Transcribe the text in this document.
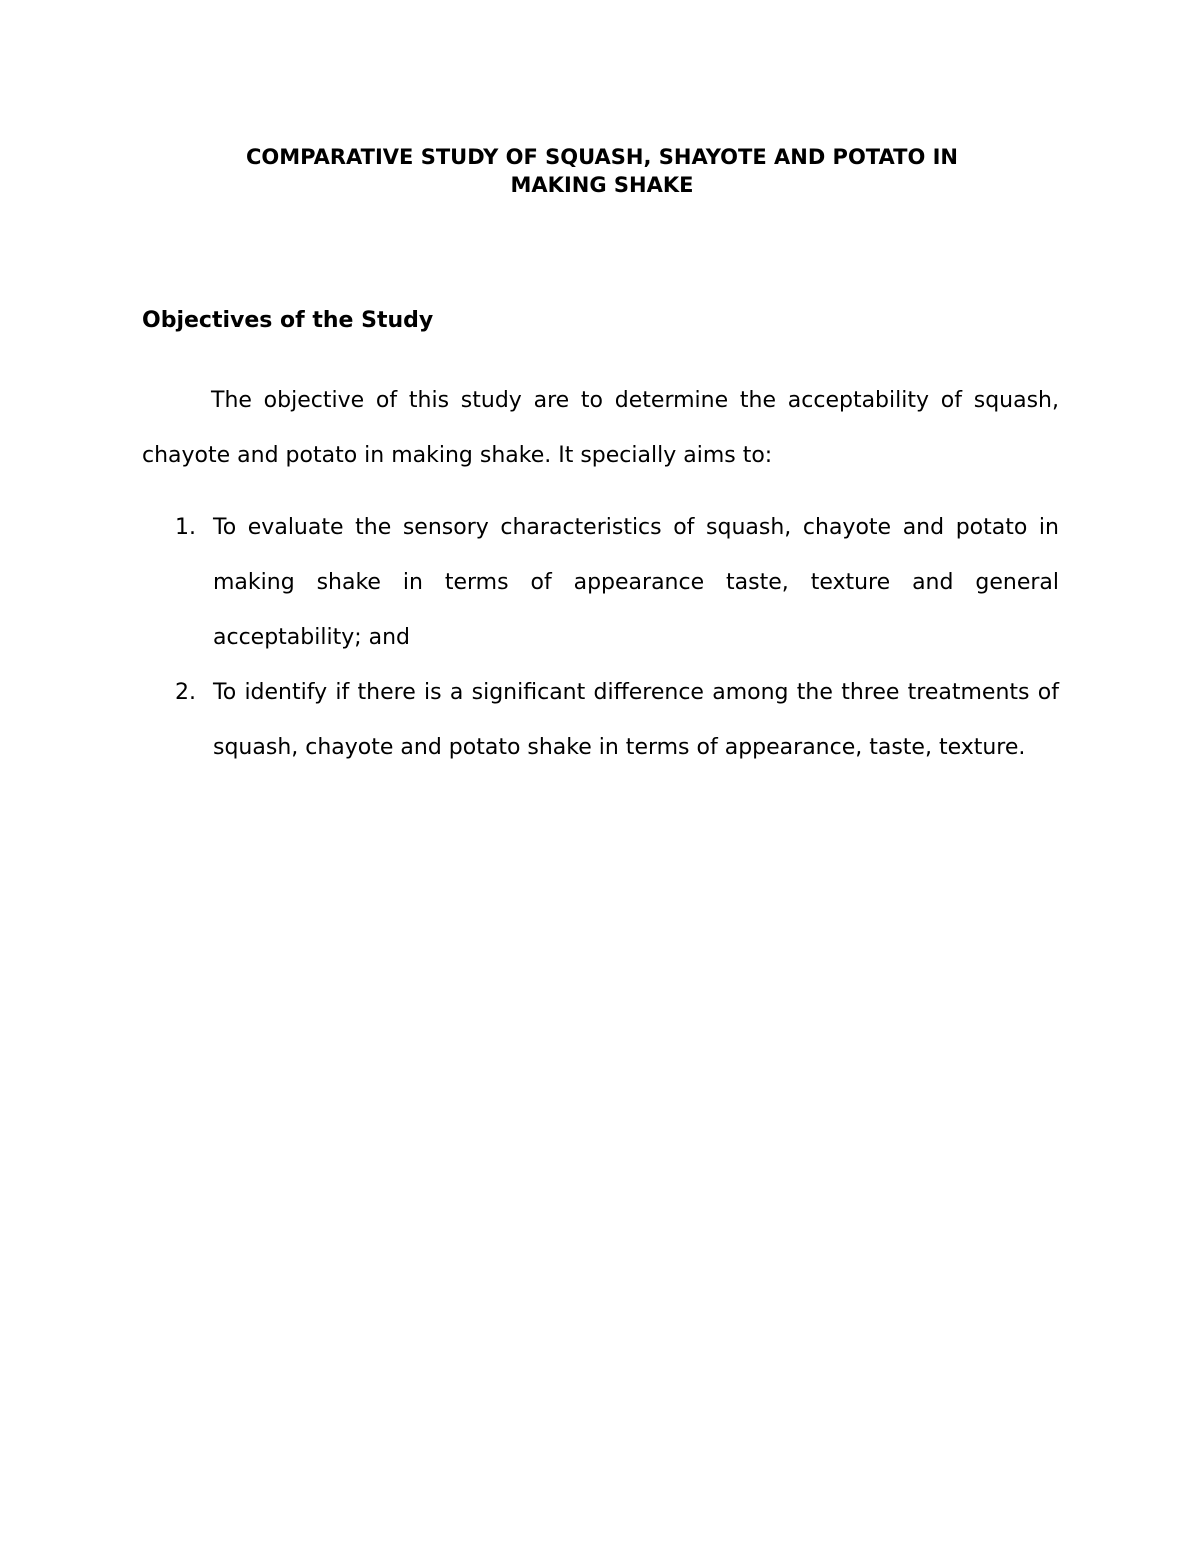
COMPARATIVE STUDY OF SQUASH, SHAYOTE AND POTATO IN
MAKING SHAKE
Objectives of the Study
The objective of this study are to determine the acceptability of squash, chayote and potato in making shake. It specially aims to:
1. To evaluate the sensory characteristics of squash, chayote and potato in making shake in terms of appearance taste, texture and general acceptability; and
2. To identify if there is a significant difference among the three treatments of squash, chayote and potato shake in terms of appearance, taste, texture.
